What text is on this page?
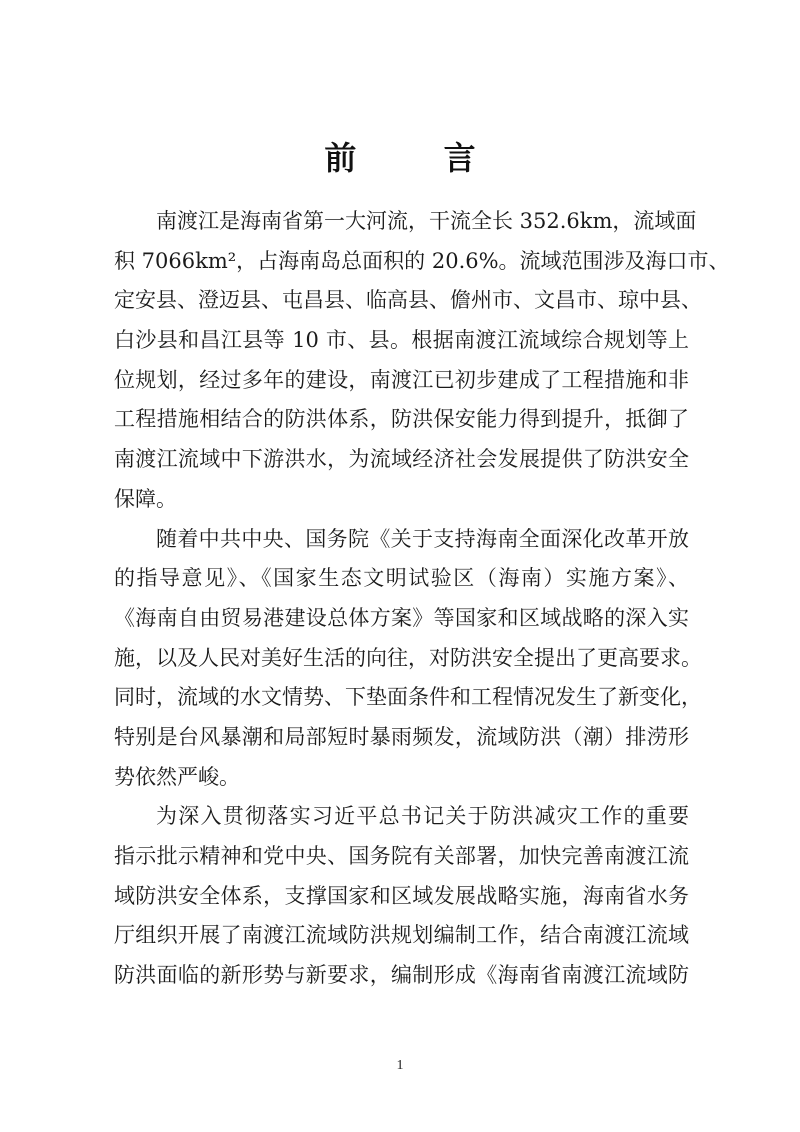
前 言
南渡江是海南省第一大河流，干流全长 352.6km，流域面
积 7066km²，占海南岛总面积的 20.6%。流域范围涉及海口市、
定安县、澄迈县、屯昌县、临高县、儋州市、文昌市、琼中县、
白沙县和昌江县等 10 市、县。根据南渡江流域综合规划等上
位规划，经过多年的建设，南渡江已初步建成了工程措施和非
工程措施相结合的防洪体系，防洪保安能力得到提升，抵御了
南渡江流域中下游洪水，为流域经济社会发展提供了防洪安全
保障。
随着中共中央、国务院《关于支持海南全面深化改革开放
的指导意见》、《国家生态文明试验区（海南）实施方案》、
《海南自由贸易港建设总体方案》等国家和区域战略的深入实
施，以及人民对美好生活的向往，对防洪安全提出了更高要求。
同时，流域的水文情势、下垫面条件和工程情况发生了新变化，
特别是台风暴潮和局部短时暴雨频发，流域防洪（潮）排涝形
势依然严峻。
为深入贯彻落实习近平总书记关于防洪减灾工作的重要
指示批示精神和党中央、国务院有关部署，加快完善南渡江流
域防洪安全体系，支撑国家和区域发展战略实施，海南省水务
厅组织开展了南渡江流域防洪规划编制工作，结合南渡江流域
防洪面临的新形势与新要求，编制形成《海南省南渡江流域防
1
